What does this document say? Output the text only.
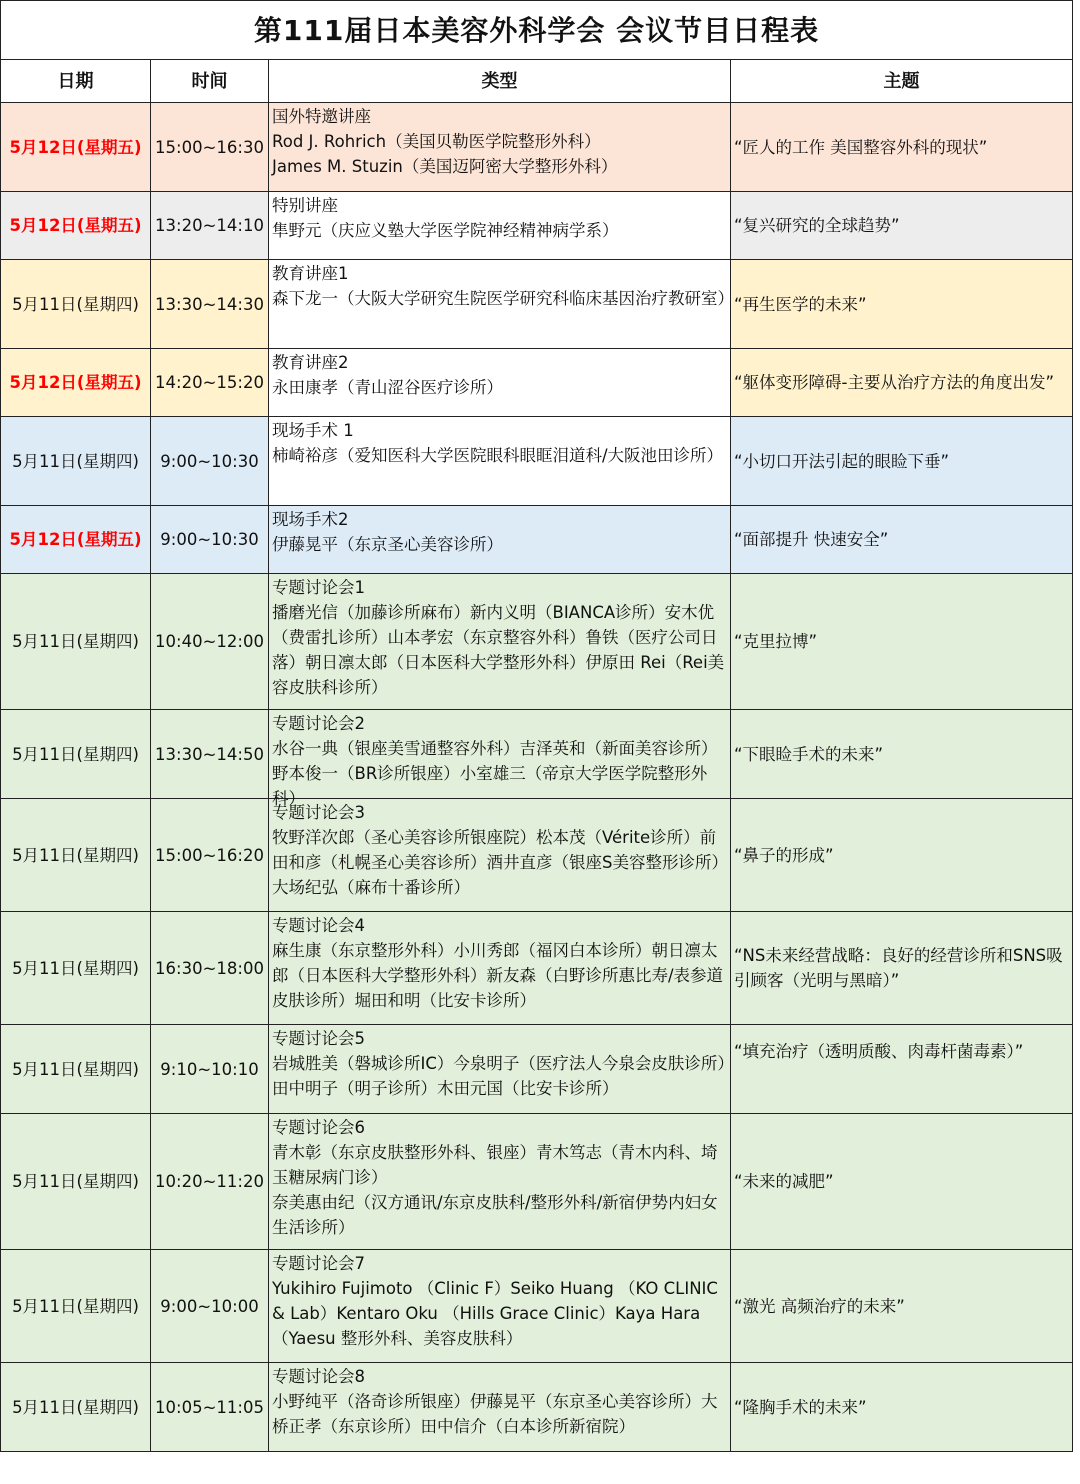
第111届日本美容外科学会 会议节目日程表			
日期	时间	类型	主题
5月12日(星期五)	15:00~16:30	国外特邀讲座
Rod J. Rohrich（美国贝勒医学院整形外科）
James M. Stuzin（美国迈阿密大学整形外科）	“匠人的工作 美国整容外科的现状”
5月12日(星期五)	13:20~14:10	特别讲座
隼野元（庆应义塾大学医学院神经精神病学系）	“复兴研究的全球趋势”
5月11日(星期四)	13:30~14:30	教育讲座1
森下龙一（大阪大学研究生院医学研究科临床基因治疗教研室）	“再生医学的未来”
5月12日(星期五)	14:20~15:20	教育讲座2
永田康孝（青山涩谷医疗诊所）	“躯体变形障碍-主要从治疗方法的角度出发”
5月11日(星期四)	9:00~10:30	现场手术 1
柿崎裕彦（爱知医科大学医院眼科眼眶泪道科/大阪池田诊所）	“小切口开法引起的眼睑下垂”
5月12日(星期五)	9:00~10:30	现场手术2
伊藤晃平（东京圣心美容诊所）	“面部提升 快速安全”
5月11日(星期四)	10:40~12:00	专题讨论会1
播磨光信（加藤诊所麻布）新内义明（BIANCA诊所）安木优（费雷扎诊所）山本孝宏（东京整容外科）鲁铁（医疗公司日落）朝日凛太郎（日本医科大学整形外科）伊原田 Rei（Rei美容皮肤科诊所）	“克里拉博”
5月11日(星期四)	13:30~14:50	专题讨论会2
水谷一典（银座美雪通整容外科）吉泽英和（新面美容诊所）野本俊一（BR诊所银座）小室雄三（帝京大学医学院整形外科）	“下眼睑手术的未来”
5月11日(星期四)	15:00~16:20	专题讨论会3
牧野洋次郎（圣心美容诊所银座院）松本茂（Vérite诊所）前田和彦（札幌圣心美容诊所）酒井直彦（银座S美容整形诊所）大场纪弘（麻布十番诊所）	“鼻子的形成”
5月11日(星期四)	16:30~18:00	专题讨论会4
麻生康（东京整形外科）小川秀郎（福冈白本诊所）朝日凛太郎（日本医科大学整形外科）新友森（白野诊所惠比寿/表参道皮肤诊所）堀田和明（比安卡诊所）	“NS未来经营战略：良好的经营诊所和SNS吸引顾客（光明与黑暗）”
5月11日(星期四)	9:10~10:10	专题讨论会5
岩城胜美（磐城诊所IC）今泉明子（医疗法人今泉会皮肤诊所）田中明子（明子诊所）木田元国（比安卡诊所）	“填充治疗（透明质酸、肉毒杆菌毒素）”
5月11日(星期四)	10:20~11:20	专题讨论会6
青木彰（东京皮肤整形外科、银座）青木笃志（青木内科、埼玉糖尿病门诊）
奈美惠由纪（汉方通讯/东京皮肤科/整形外科/新宿伊势内妇女生活诊所）	“未来的减肥”
5月11日(星期四)	9:00~10:00	专题讨论会7
Yukihiro Fujimoto （Clinic F）Seiko Huang （KO CLINIC & Lab）Kentaro Oku （Hills Grace Clinic）Kaya Hara （Yaesu 整形外科、美容皮肤科）	“激光 高频治疗的未来”
5月11日(星期四)	10:05~11:05	专题讨论会8
小野纯平（洛奇诊所银座）伊藤晃平（东京圣心美容诊所）大桥正孝（东京诊所）田中信介（白本诊所新宿院）	“隆胸手术的未来”
